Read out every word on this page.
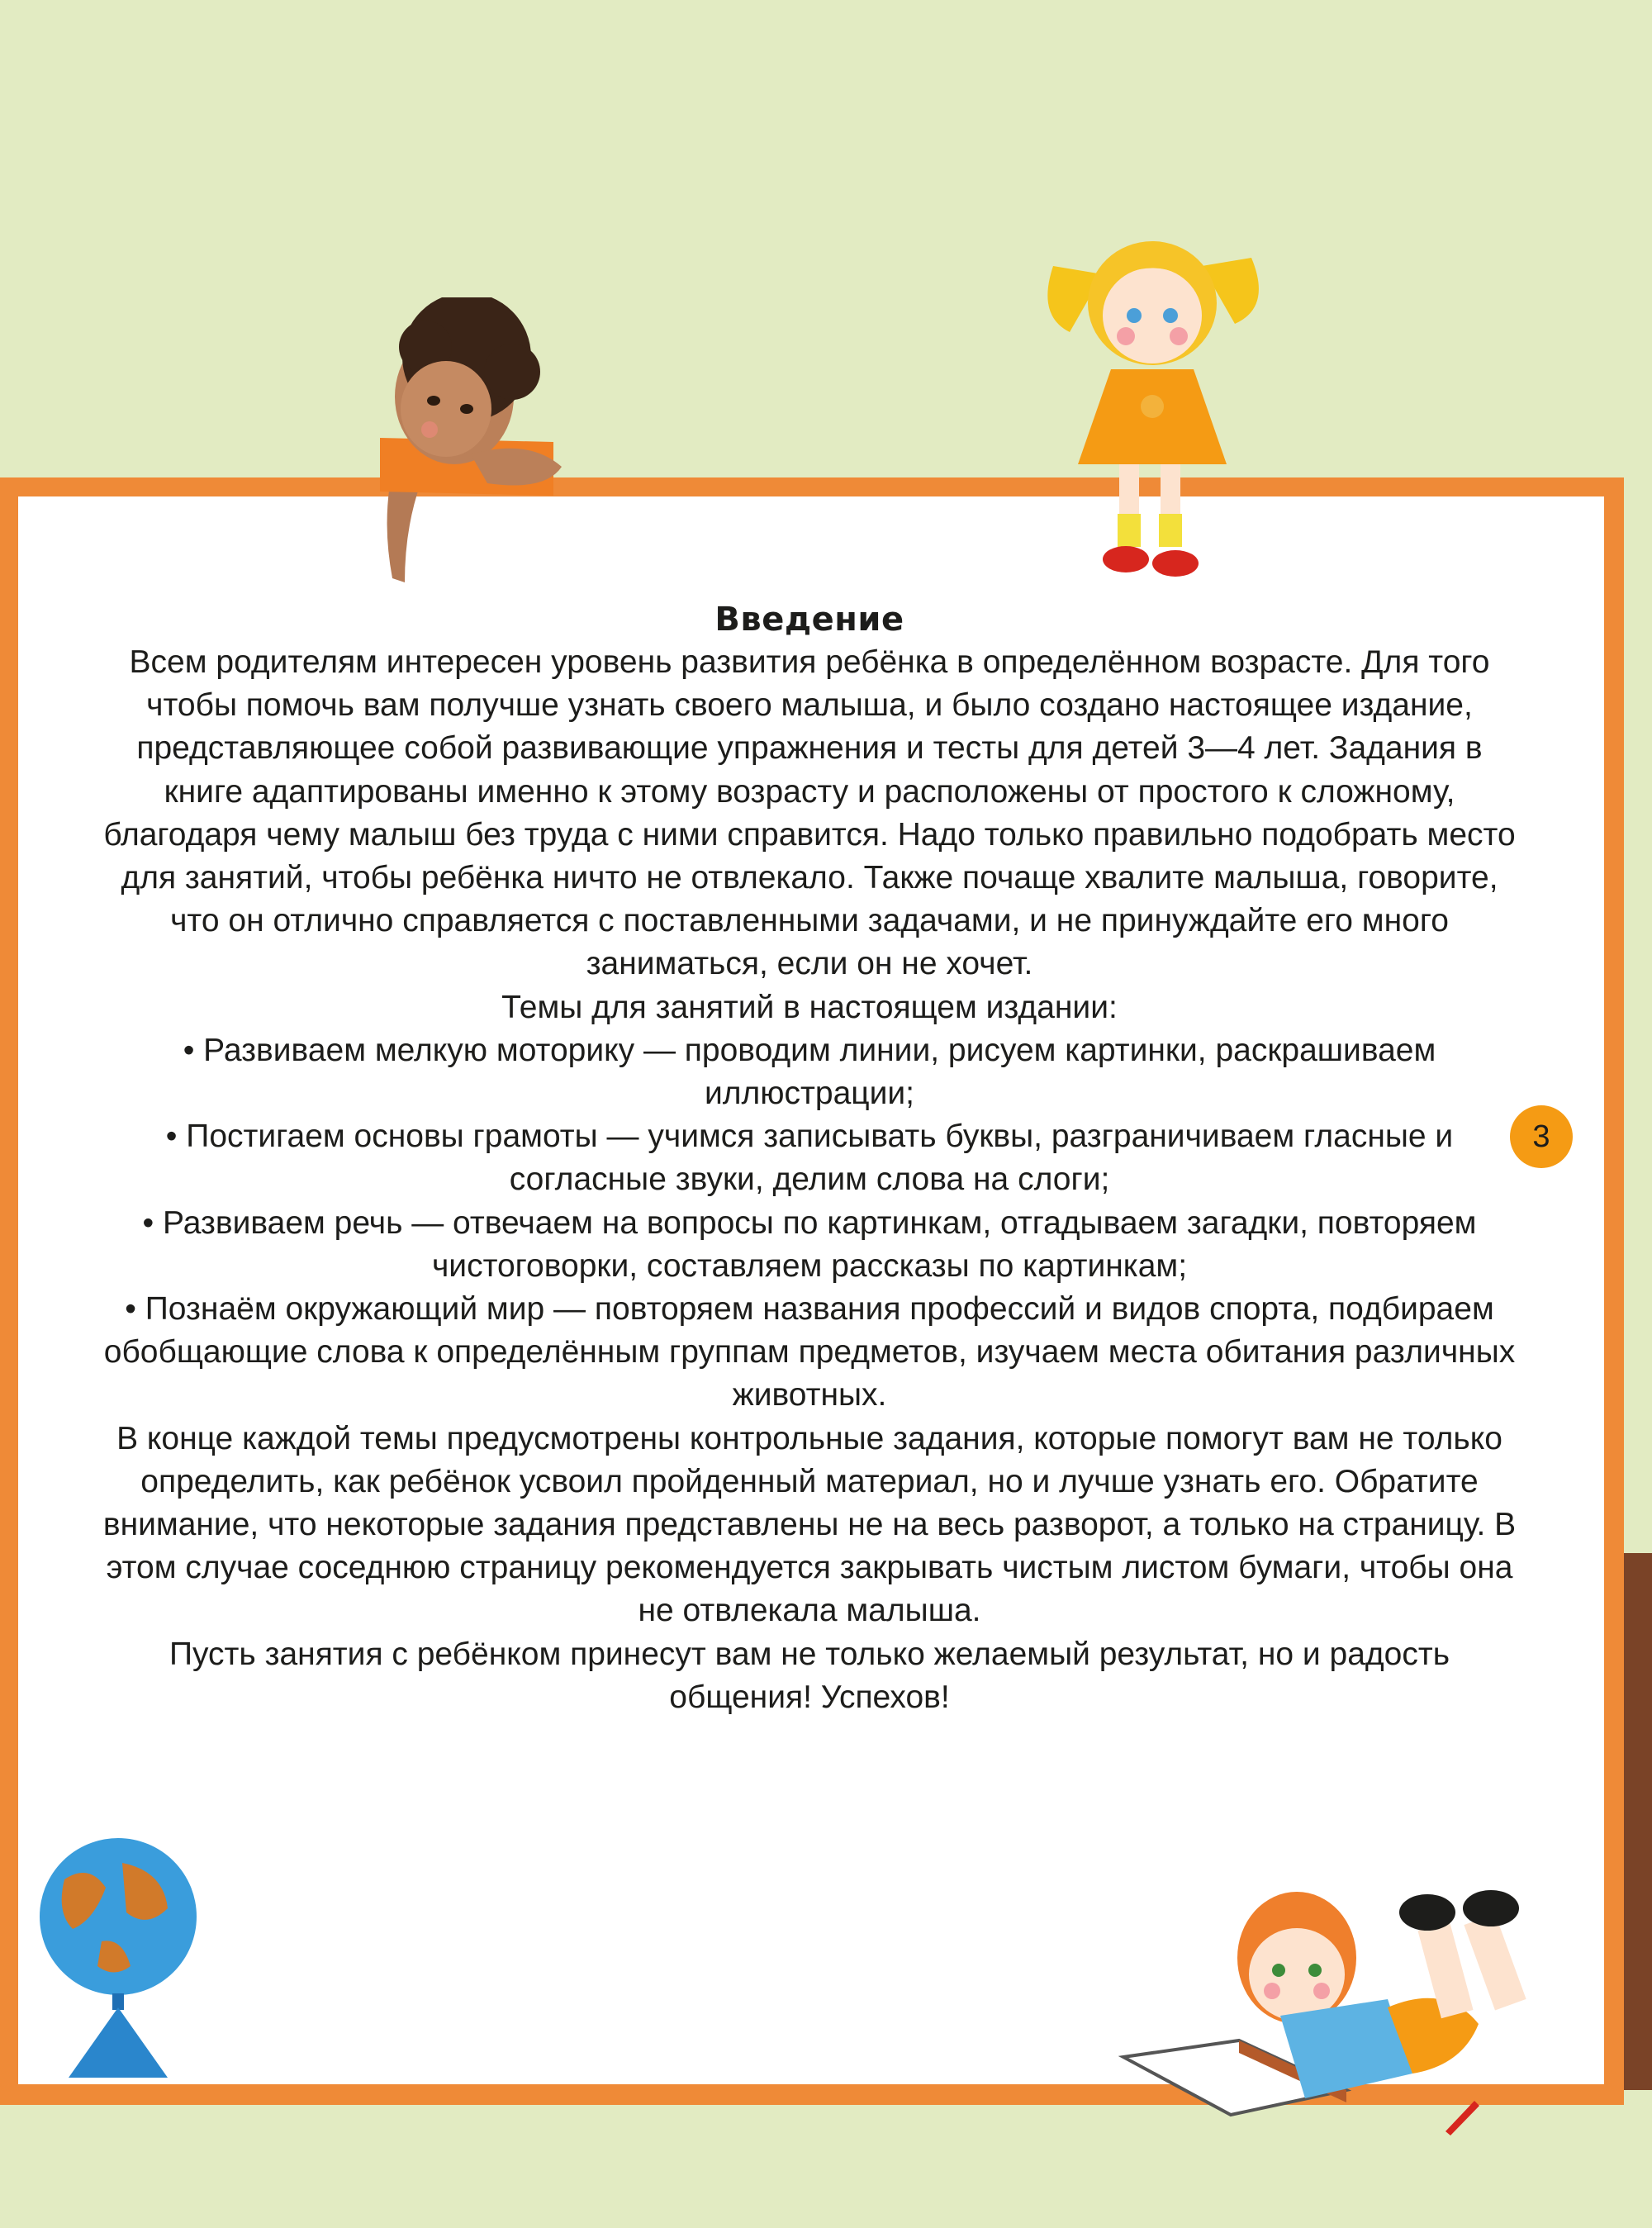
3
Введение

Всем родителям интересен уровень развития ребёнка в определённом возрасте. Для того чтобы помочь вам получше узнать своего малыша, и было создано настоящее издание, представляющее собой развивающие упражнения и тесты для детей 3—4 лет. Задания в книге адаптированы именно к этому возрасту и расположены от простого к сложному, благодаря чему малыш без труда с ними справится. Надо только правильно подобрать место для занятий, чтобы ребёнка ничто не отвлекало. Также почаще хвалите малыша, говорите, что он отлично справляется с поставленными задачами, и не принуждайте его много заниматься, если он не хочет.

Темы для занятий в настоящем издании:

• Развиваем мелкую моторику — проводим линии, рисуем картинки, раскрашиваем иллюстрации;

• Постигаем основы грамоты — учимся записывать буквы, разграничиваем гласные и согласные звуки, делим слова на слоги;

• Развиваем речь — отвечаем на вопросы по картинкам, отгадываем загадки, повторяем чистоговорки, составляем рассказы по картинкам;

• Познаём окружающий мир — повторяем названия профессий и видов спорта, подбираем обобщающие слова к определённым группам предметов, изучаем места обитания различных животных.

В конце каждой темы предусмотрены контрольные задания, которые помогут вам не только определить, как ребёнок усвоил пройденный материал, но и лучше узнать его. Обратите внимание, что некоторые задания представлены не на весь разворот, а только на страницу. В этом случае соседнюю страницу рекомендуется закрывать чистым листом бумаги, чтобы она не отвлекала малыша.

Пусть занятия с ребёнком принесут вам не только желаемый результат, но и радость общения! Успехов!
